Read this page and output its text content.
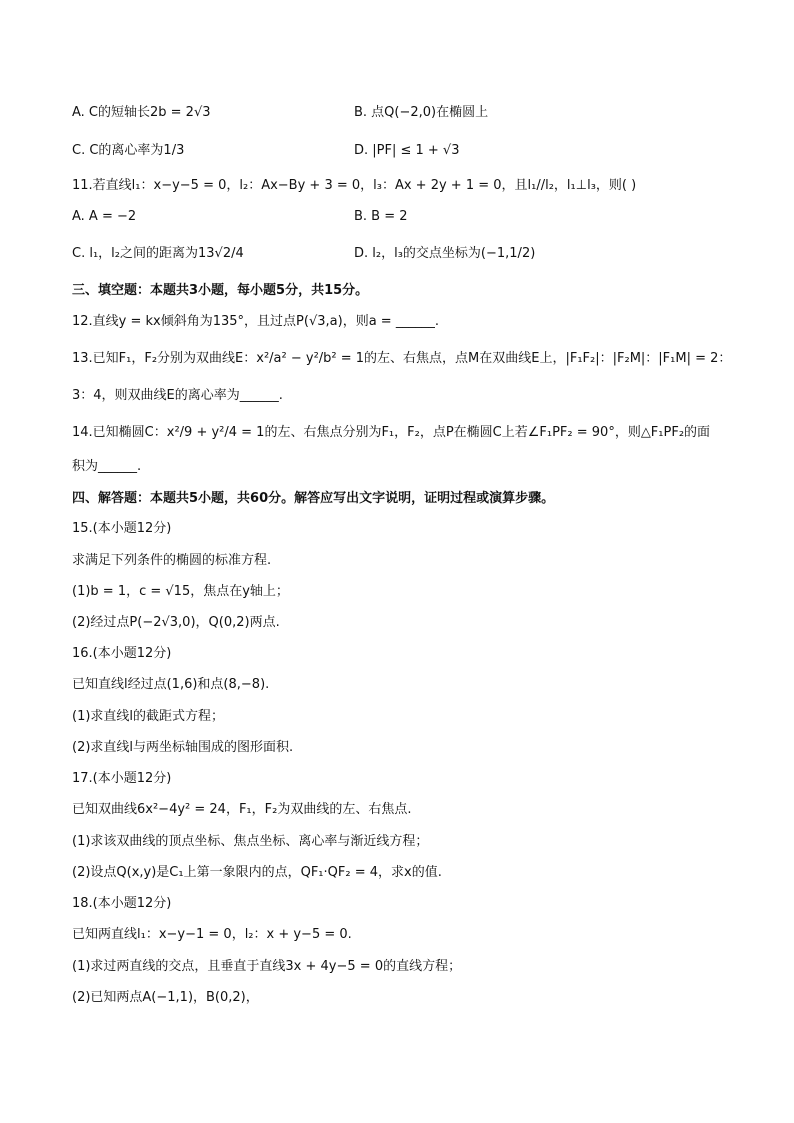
A. C的短轴长2b = 2√3	B. 点Q(−2,0)在椭圆上
C. C的离心率为1/3	D. |PF| ≤ 1 + √3
11.若直线l₁：x−y−5 = 0，l₂：Ax−By + 3 = 0，l₃：Ax + 2y + 1 = 0，且l₁//l₂，l₁⊥l₃，则( )
A. A = −2	B. B = 2
C. l₁，l₂之间的距离为13√2/4	D. l₂，l₃的交点坐标为(−1,1/2)
三、填空题：本题共3小题，每小题5分，共15分。
12.直线y = kx倾斜角为135°，且过点P(√3,a)，则a = ______.
13.已知F₁，F₂分别为双曲线E：x²/a² − y²/b² = 1的左、右焦点，点M在双曲线E上，|F₁F₂|：|F₂M|：|F₁M| = 2：
3：4，则双曲线E的离心率为______.
14.已知椭圆C：x²/9 + y²/4 = 1的左、右焦点分别为F₁，F₂，点P在椭圆C上若∠F₁PF₂ = 90°，则△F₁PF₂的面
积为______.
四、解答题：本题共5小题，共60分。解答应写出文字说明，证明过程或演算步骤。
15.(本小题12分)
求满足下列条件的椭圆的标准方程.
(1)b = 1，c = √15，焦点在y轴上；
(2)经过点P(−2√3,0)，Q(0,2)两点.
16.(本小题12分)
已知直线l经过点(1,6)和点(8,−8).
(1)求直线l的截距式方程；
(2)求直线l与两坐标轴围成的图形面积.
17.(本小题12分)
已知双曲线6x²−4y² = 24，F₁，F₂为双曲线的左、右焦点.
(1)求该双曲线的顶点坐标、焦点坐标、离心率与渐近线方程；
(2)设点Q(x,y)是C₁上第一象限内的点，QF₁·QF₂ = 4，求x的值.
18.(本小题12分)
已知两直线l₁：x−y−1 = 0，l₂：x + y−5 = 0.
(1)求过两直线的交点，且垂直于直线3x + 4y−5 = 0的直线方程；
(2)已知两点A(−1,1)，B(0,2)，
